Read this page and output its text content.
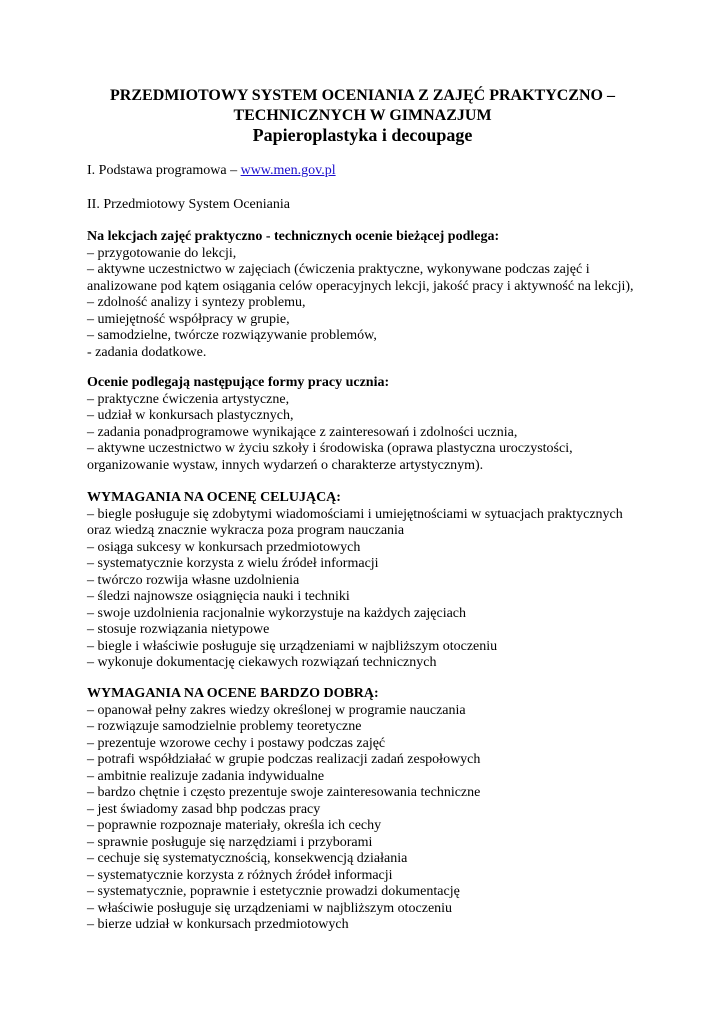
PRZEDMIOTOWY SYSTEM OCENIANIA Z ZAJĘĆ PRAKTYCZNO –
TECHNICZNYCH W GIMNAZJUM
Papieroplastyka i decoupage
I. Podstawa programowa – www.men.gov.pl
II. Przedmiotowy System Oceniania
Na lekcjach zajęć praktyczno - technicznych ocenie bieżącej podlega:
– przygotowanie do lekcji,
– aktywne uczestnictwo w zajęciach (ćwiczenia praktyczne, wykonywane podczas zajęć i
analizowane pod kątem osiągania celów operacyjnych lekcji, jakość pracy i aktywność na lekcji),
– zdolność analizy i syntezy problemu,
– umiejętność współpracy w grupie,
– samodzielne, twórcze rozwiązywanie problemów,
- zadania dodatkowe.
Ocenie podlegają następujące formy pracy ucznia:
– praktyczne ćwiczenia artystyczne,
– udział w konkursach plastycznych,
– zadania ponadprogramowe wynikające z zainteresowań i zdolności ucznia,
– aktywne uczestnictwo w życiu szkoły i środowiska (oprawa plastyczna uroczystości,
organizowanie wystaw, innych wydarzeń o charakterze artystycznym).
WYMAGANIA NA OCENĘ CELUJĄCĄ:
– biegle posługuje się zdobytymi wiadomościami i umiejętnościami w sytuacjach praktycznych
oraz wiedzą znacznie wykracza poza program nauczania
– osiąga sukcesy w konkursach przedmiotowych
– systematycznie korzysta z wielu źródeł informacji
– twórczo rozwija własne uzdolnienia
– śledzi najnowsze osiągnięcia nauki i techniki
– swoje uzdolnienia racjonalnie wykorzystuje na każdych zajęciach
– stosuje rozwiązania nietypowe
– biegle i właściwie posługuje się urządzeniami w najbliższym otoczeniu
– wykonuje dokumentację ciekawych rozwiązań technicznych
WYMAGANIA NA OCENE BARDZO DOBRĄ:
– opanował pełny zakres wiedzy określonej w programie nauczania
– rozwiązuje samodzielnie problemy teoretyczne
– prezentuje wzorowe cechy i postawy podczas zajęć
– potrafi współdziałać w grupie podczas realizacji zadań zespołowych
– ambitnie realizuje zadania indywidualne
– bardzo chętnie i często prezentuje swoje zainteresowania techniczne
– jest świadomy zasad bhp podczas pracy
– poprawnie rozpoznaje materiały, określa ich cechy
– sprawnie posługuje się narzędziami i przyborami
– cechuje się systematycznością, konsekwencją działania
– systematycznie korzysta z różnych źródeł informacji
– systematycznie, poprawnie i estetycznie prowadzi dokumentację
– właściwie posługuje się urządzeniami w najbliższym otoczeniu
– bierze udział w konkursach przedmiotowych
